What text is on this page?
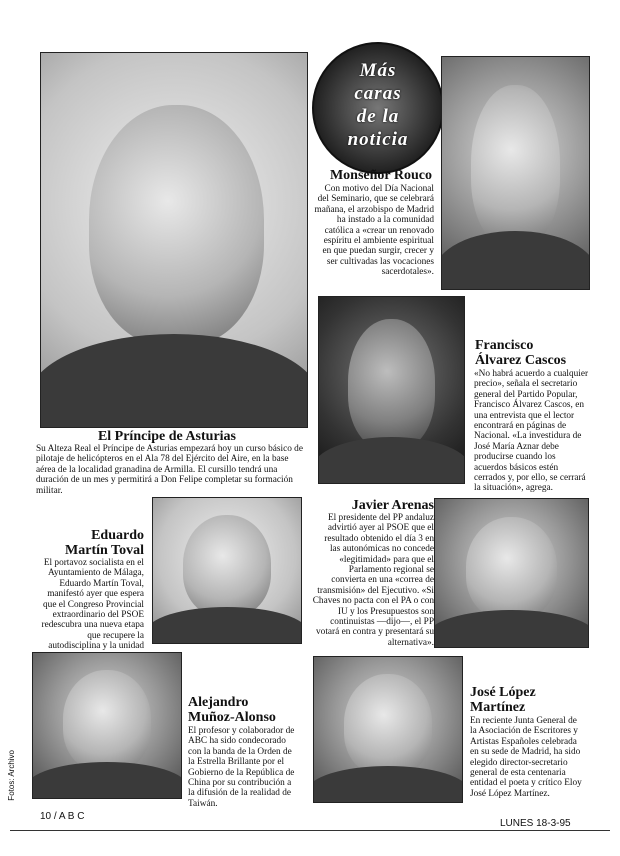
Más
caras
de la
noticia
El Príncipe de Asturias
Su Alteza Real el Príncipe de Asturias empezará hoy un curso básico de pilotaje de helicópteros en el Ala 78 del Ejército del Aire, en la base aérea de la localidad granadina de Armilla. El cursillo tendrá una duración de un mes y permitirá a Don Felipe completar su formación militar.
Monseñor Rouco
Con motivo del Día Nacional del Seminario, que se celebrará mañana, el arzobispo de Madrid ha instado a la comunidad católica a «crear un renovado espíritu el ambiente espiritual en que puedan surgir, crecer y ser cultivadas las vocaciones sacerdotales».
Francisco
Álvarez Cascos
«No habrá acuerdo a cualquier precio», señala el secretario general del Partido Popular, Francisco Álvarez Cascos, en una entrevista que el lector encontrará en páginas de Nacional. «La investidura de José María Aznar debe producirse cuando los acuerdos básicos estén cerrados y, por ello, se cerrará la situación», agrega.
Javier Arenas
El presidente del PP andaluz advirtió ayer al PSOE que el resultado obtenido el día 3 en las autonómicas no concede «legitimidad» para que el Parlamento regional se convierta en una «correa de transmisión» del Ejecutivo. «Si Chaves no pacta con el PA o con IU y los Presupuestos son continuistas —dijo—, el PP votará en contra y presentará su alternativa».
Eduardo
Martín Toval
El portavoz socialista en el Ayuntamiento de Málaga, Eduardo Martín Toval, manifestó ayer que espera que el Congreso Provincial extraordinario del PSOE redescubra una nueva etapa que recupere la autodisciplina y la unidad
Alejandro
Muñoz-Alonso
El profesor y colaborador de ABC ha sido condecorado con la banda de la Orden de la Estrella Brillante por el Gobierno de la República de China por su contribución a la difusión de la realidad de Taiwán.
José López
Martínez
En reciente Junta General de la Asociación de Escritores y Artistas Españoles celebrada en su sede de Madrid, ha sido elegido director-secretario general de esta centenaria entidad el poeta y crítico Eloy José López Martínez.
Fotos: Archivo
10 / A B C
LUNES 18-3-95
